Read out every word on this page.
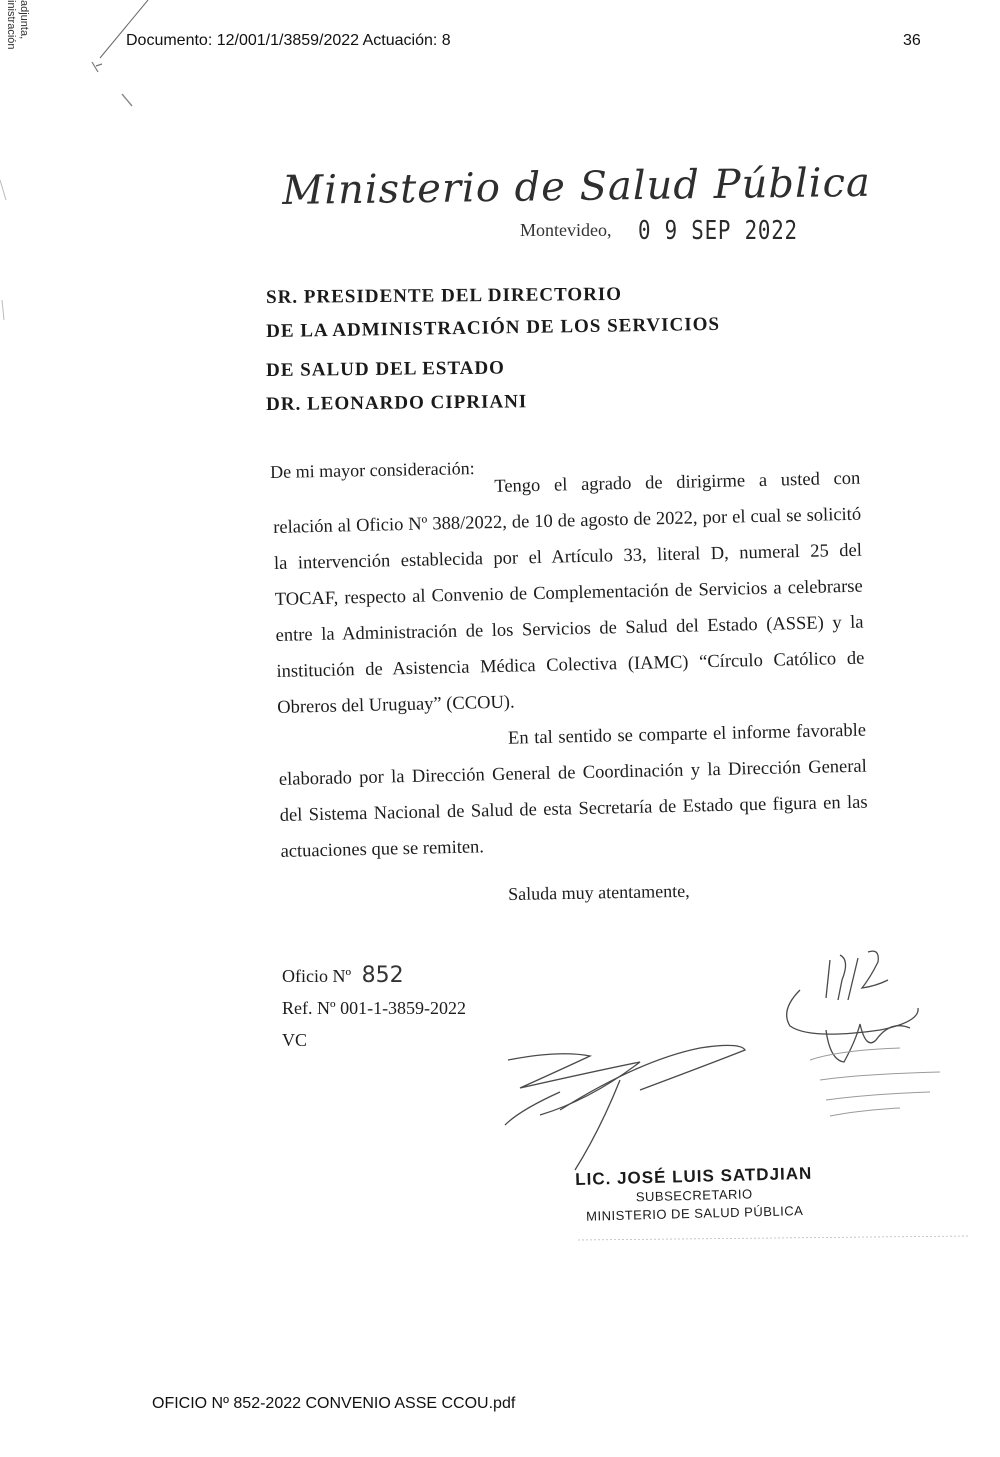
adjunta,
inistración	Documento: 12/001/1/3859/2022 Actuación: 8	36
Ministerio de Salud Pública
Montevideo, 0 9 SEP 2022
SR. PRESIDENTE DEL DIRECTORIO
DE LA ADMINISTRACIÓN DE LOS SERVICIOS
DE SALUD DEL ESTADO
DR. LEONARDO CIPRIANI
De mi mayor consideración:	Tengo el agrado de dirigirme a usted con relación al Oficio Nº 388/2022, de 10 de agosto de 2022, por el cual se solicitó la intervención establecida por el Artículo 33, literal D, numeral 25 del TOCAF, respecto al Convenio de Complementación de Servicios a celebrarse entre la Administración de los Servicios de Salud del Estado (ASSE) y la institución de Asistencia Médica Colectiva (IAMC) “Círculo Católico de Obreros del Uruguay” (CCOU).

En tal sentido se comparte el informe favorable elaborado por la Dirección General de Coordinación y la Dirección General del Sistema Nacional de Salud de esta Secretaría de Estado que figura en las actuaciones que se remiten.

Saluda muy atentamente,
Oficio Nº 852
Ref. Nº 001-1-3859-2022
VC
LIC. JOSÉ LUIS SATDJIAN
SUBSECRETARIO
MINISTERIO DE SALUD PÚBLICA
OFICIO Nº 852-2022 CONVENIO ASSE CCOU.pdf
